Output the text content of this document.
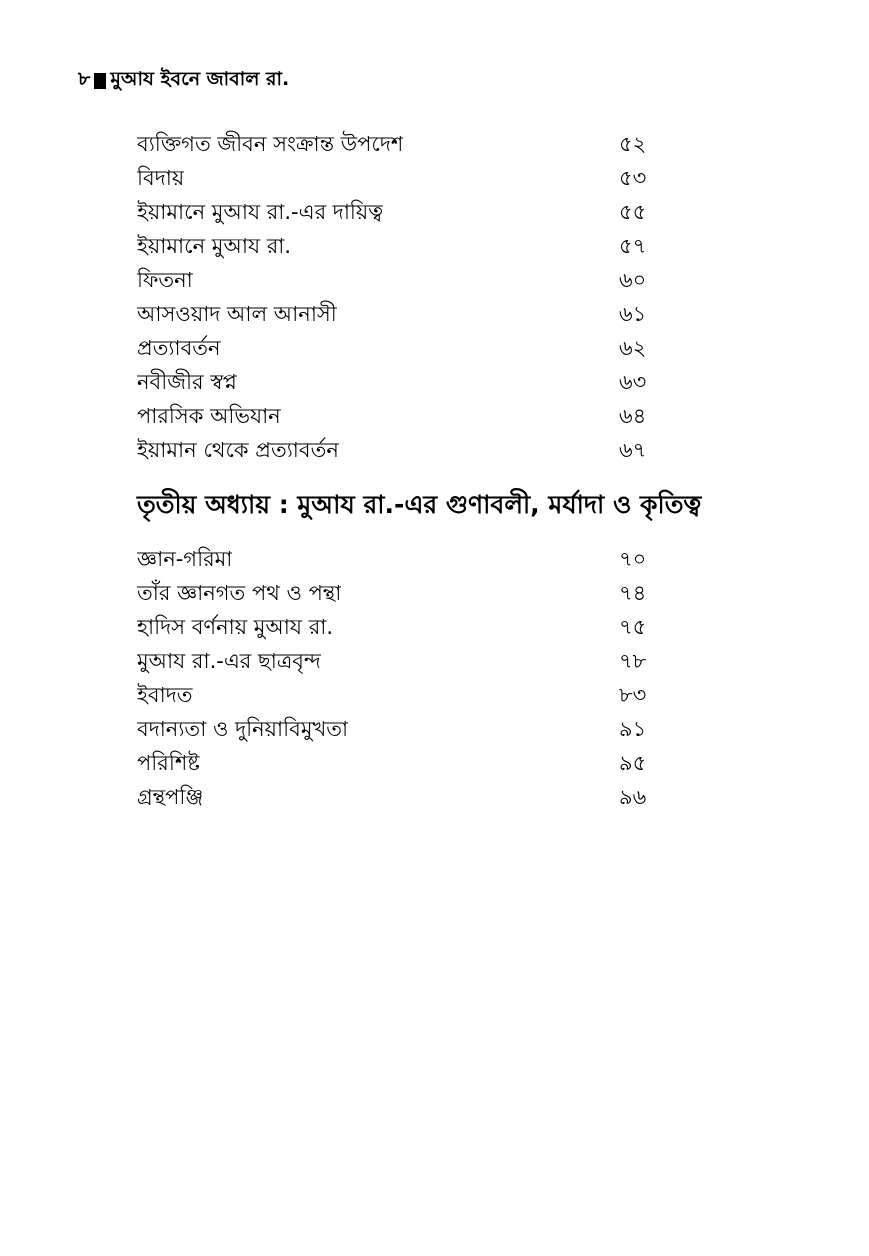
৮ মুআয ইবনে জাবাল রা.
ব্যক্তিগত জীবন সংক্রান্ত উপদেশ	৫২
বিদায়	৫৩
ইয়ামানে মুআয রা.-এর দায়িত্ব	৫৫
ইয়ামানে মুআয রা.	৫৭
ফিতনা	৬০
আসওয়াদ আল আনাসী	৬১
প্রত্যাবর্তন	৬২
নবীজীর স্বপ্ন	৬৩
পারসিক অভিযান	৬৪
ইয়ামান থেকে প্রত্যাবর্তন	৬৭
তৃতীয় অধ্যায় : মুআয রা.-এর গুণাবলী, মর্যাদা ও কৃতিত্ব
জ্ঞান-গরিমা	৭০
তাঁর জ্ঞানগত পথ ও পন্থা	৭৪
হাদিস বর্ণনায় মুআয রা.	৭৫
মুআয রা.-এর ছাত্রবৃন্দ	৭৮
ইবাদত	৮৩
বদান্যতা ও দুনিয়াবিমুখতা	৯১
পরিশিষ্ট	৯৫
গ্রন্থপঞ্জি	৯৬
